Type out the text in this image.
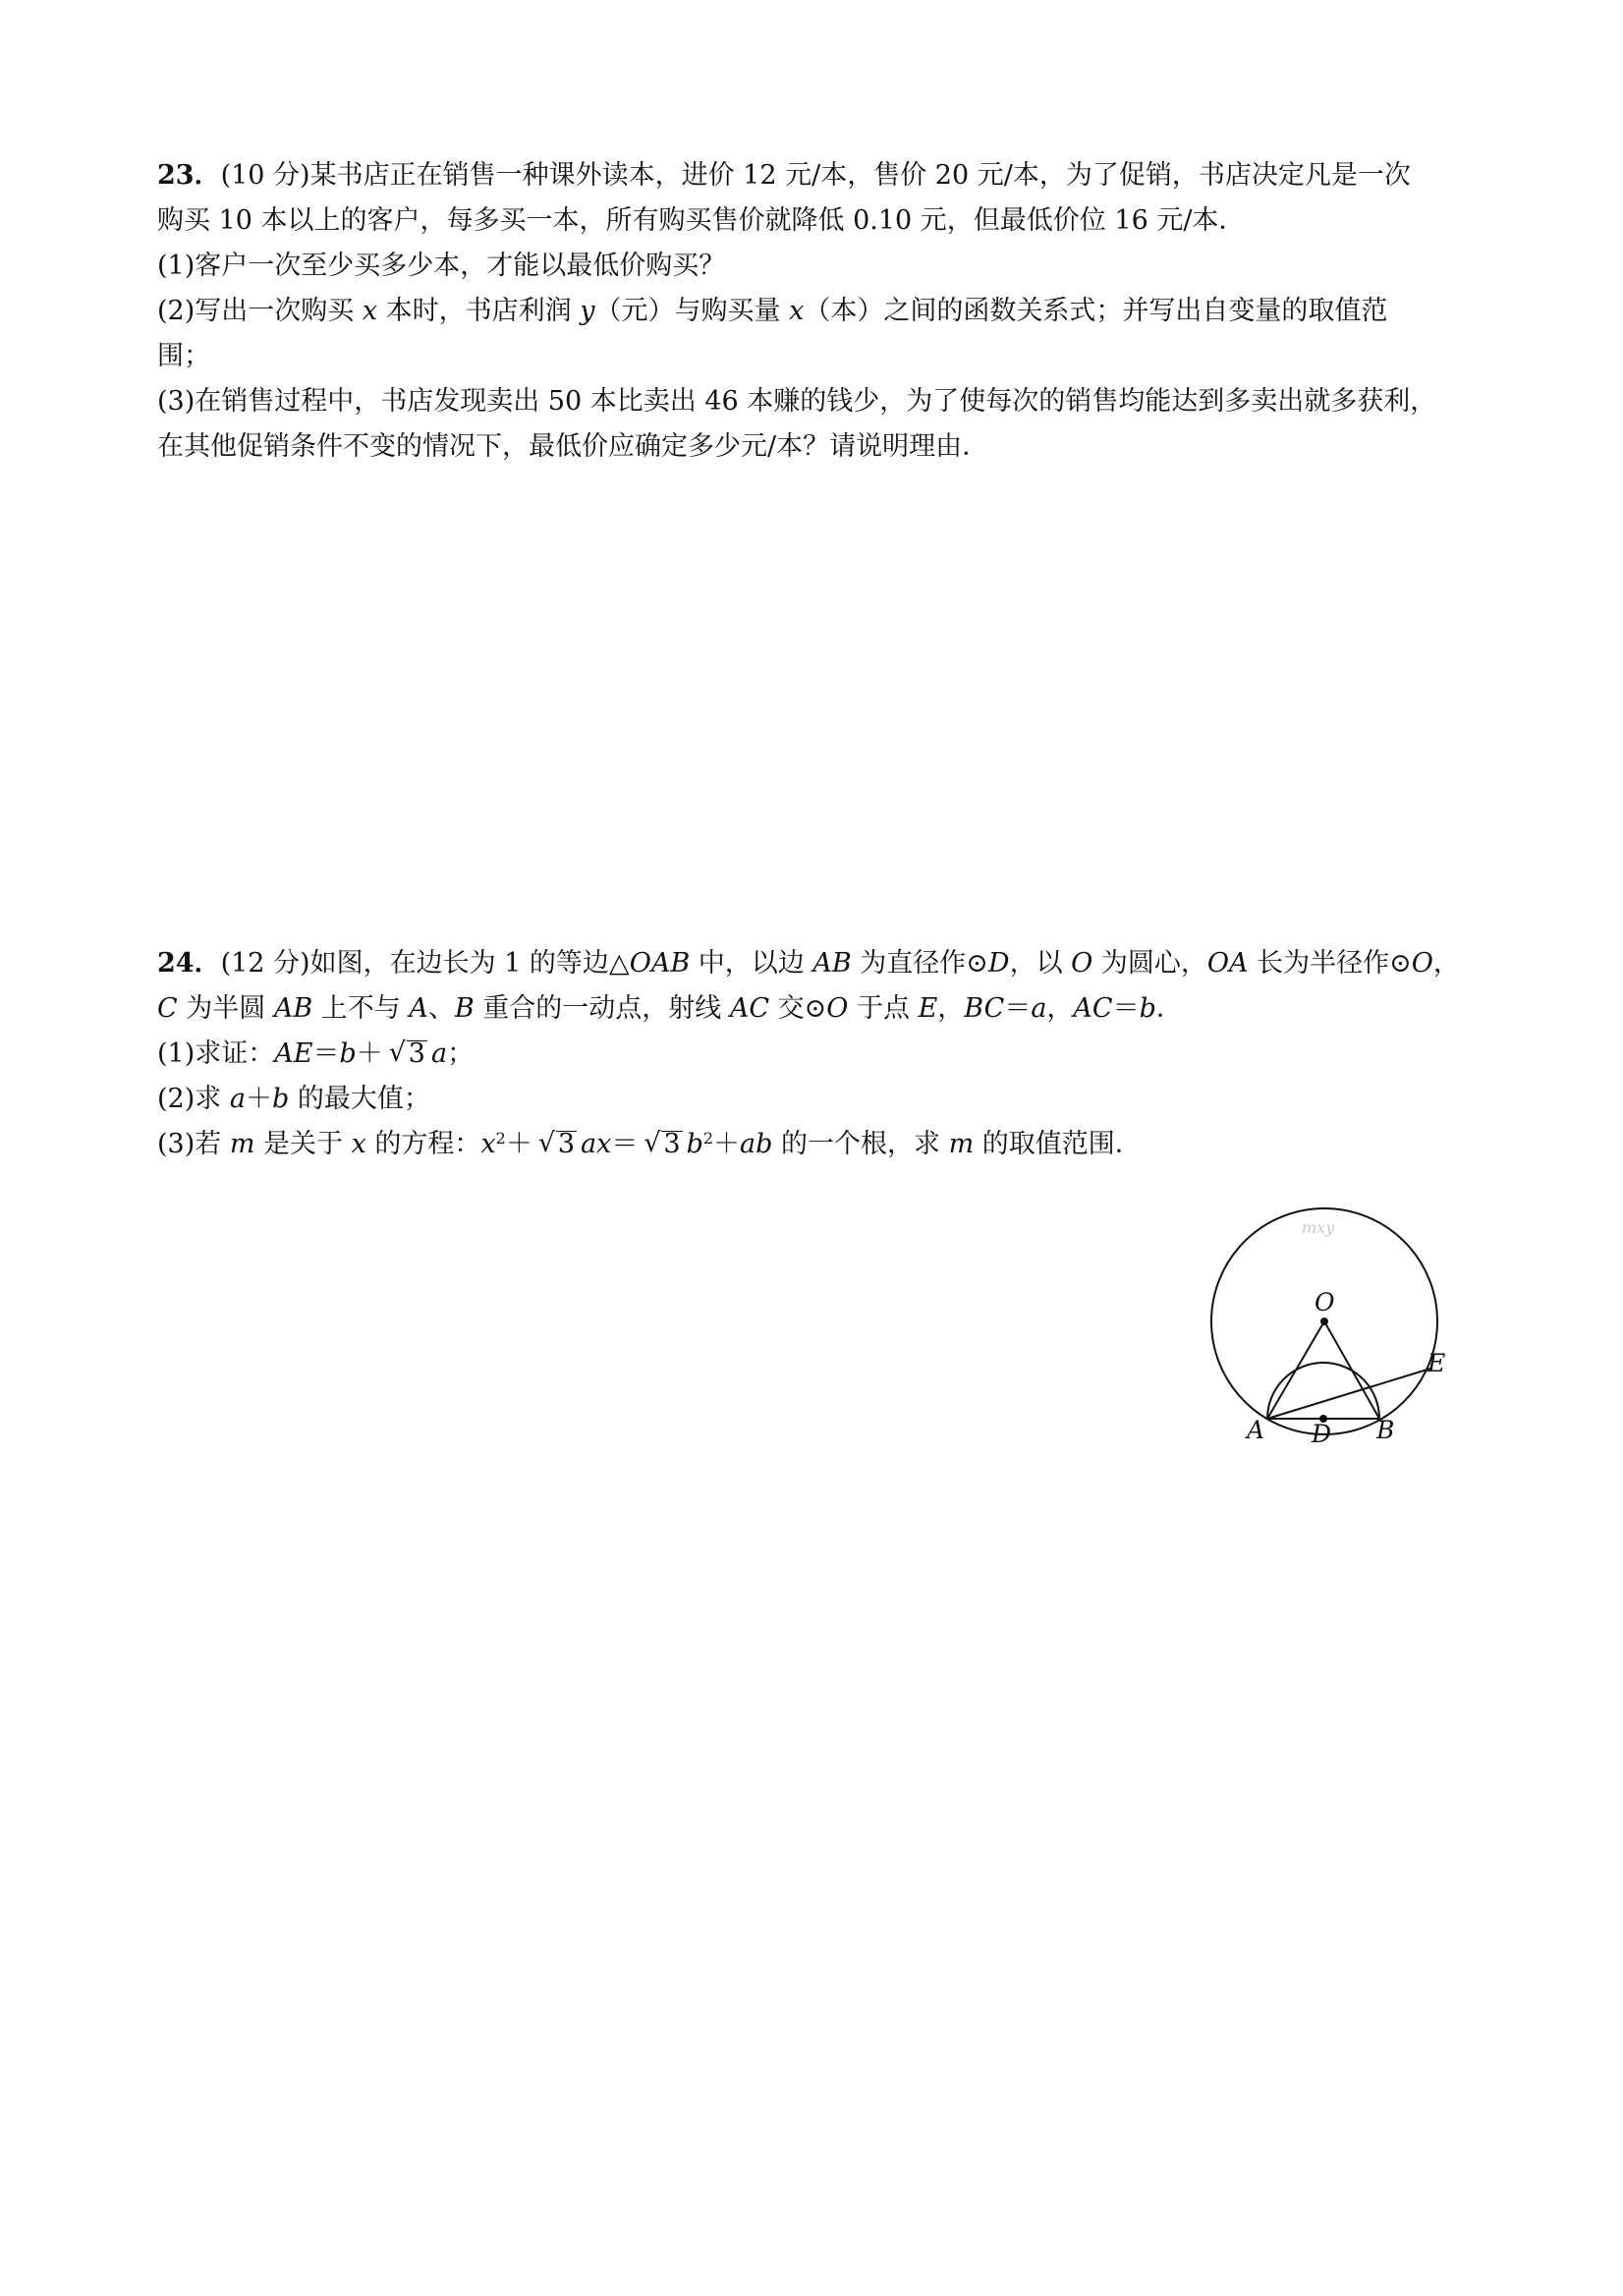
23．(10 分)某书店正在销售一种课外读本，进价 12 元/本，售价 20 元/本，为了促销，书店决定凡是一次

购买 10 本以上的客户，每多买一本，所有购买售价就降低 0.10 元，但最低价位 16 元/本．

(1)客户一次至少买多少本，才能以最低价购买？

(2)写出一次购买 x 本时，书店利润 y（元）与购买量 x（本）之间的函数关系式；并写出自变量的取值范

围；

(3)在销售过程中，书店发现卖出 50 本比卖出 46 本赚的钱少，为了使每次的销售均能达到多卖出就多获利，

在其他促销条件不变的情况下，最低价应确定多少元/本？请说明理由．

24．(12 分)如图，在边长为 1 的等边△OAB 中，以边 AB 为直径作⊙D，以 O 为圆心，OA 长为半径作⊙O，

C 为半圆 AB 上不与 A、B 重合的一动点，射线 AC 交⊙O 于点 E，BC＝a，AC＝b．

(1)求证：AE＝b＋√ 3 a；

(2)求 a＋b 的最大值；

(3)若 m 是关于 x 的方程：$x^2+√$ 3 ax＝√ 3 $b^2+ab$ 的一个根，求 m 的取值范围．

O
E
A D B
mxy
